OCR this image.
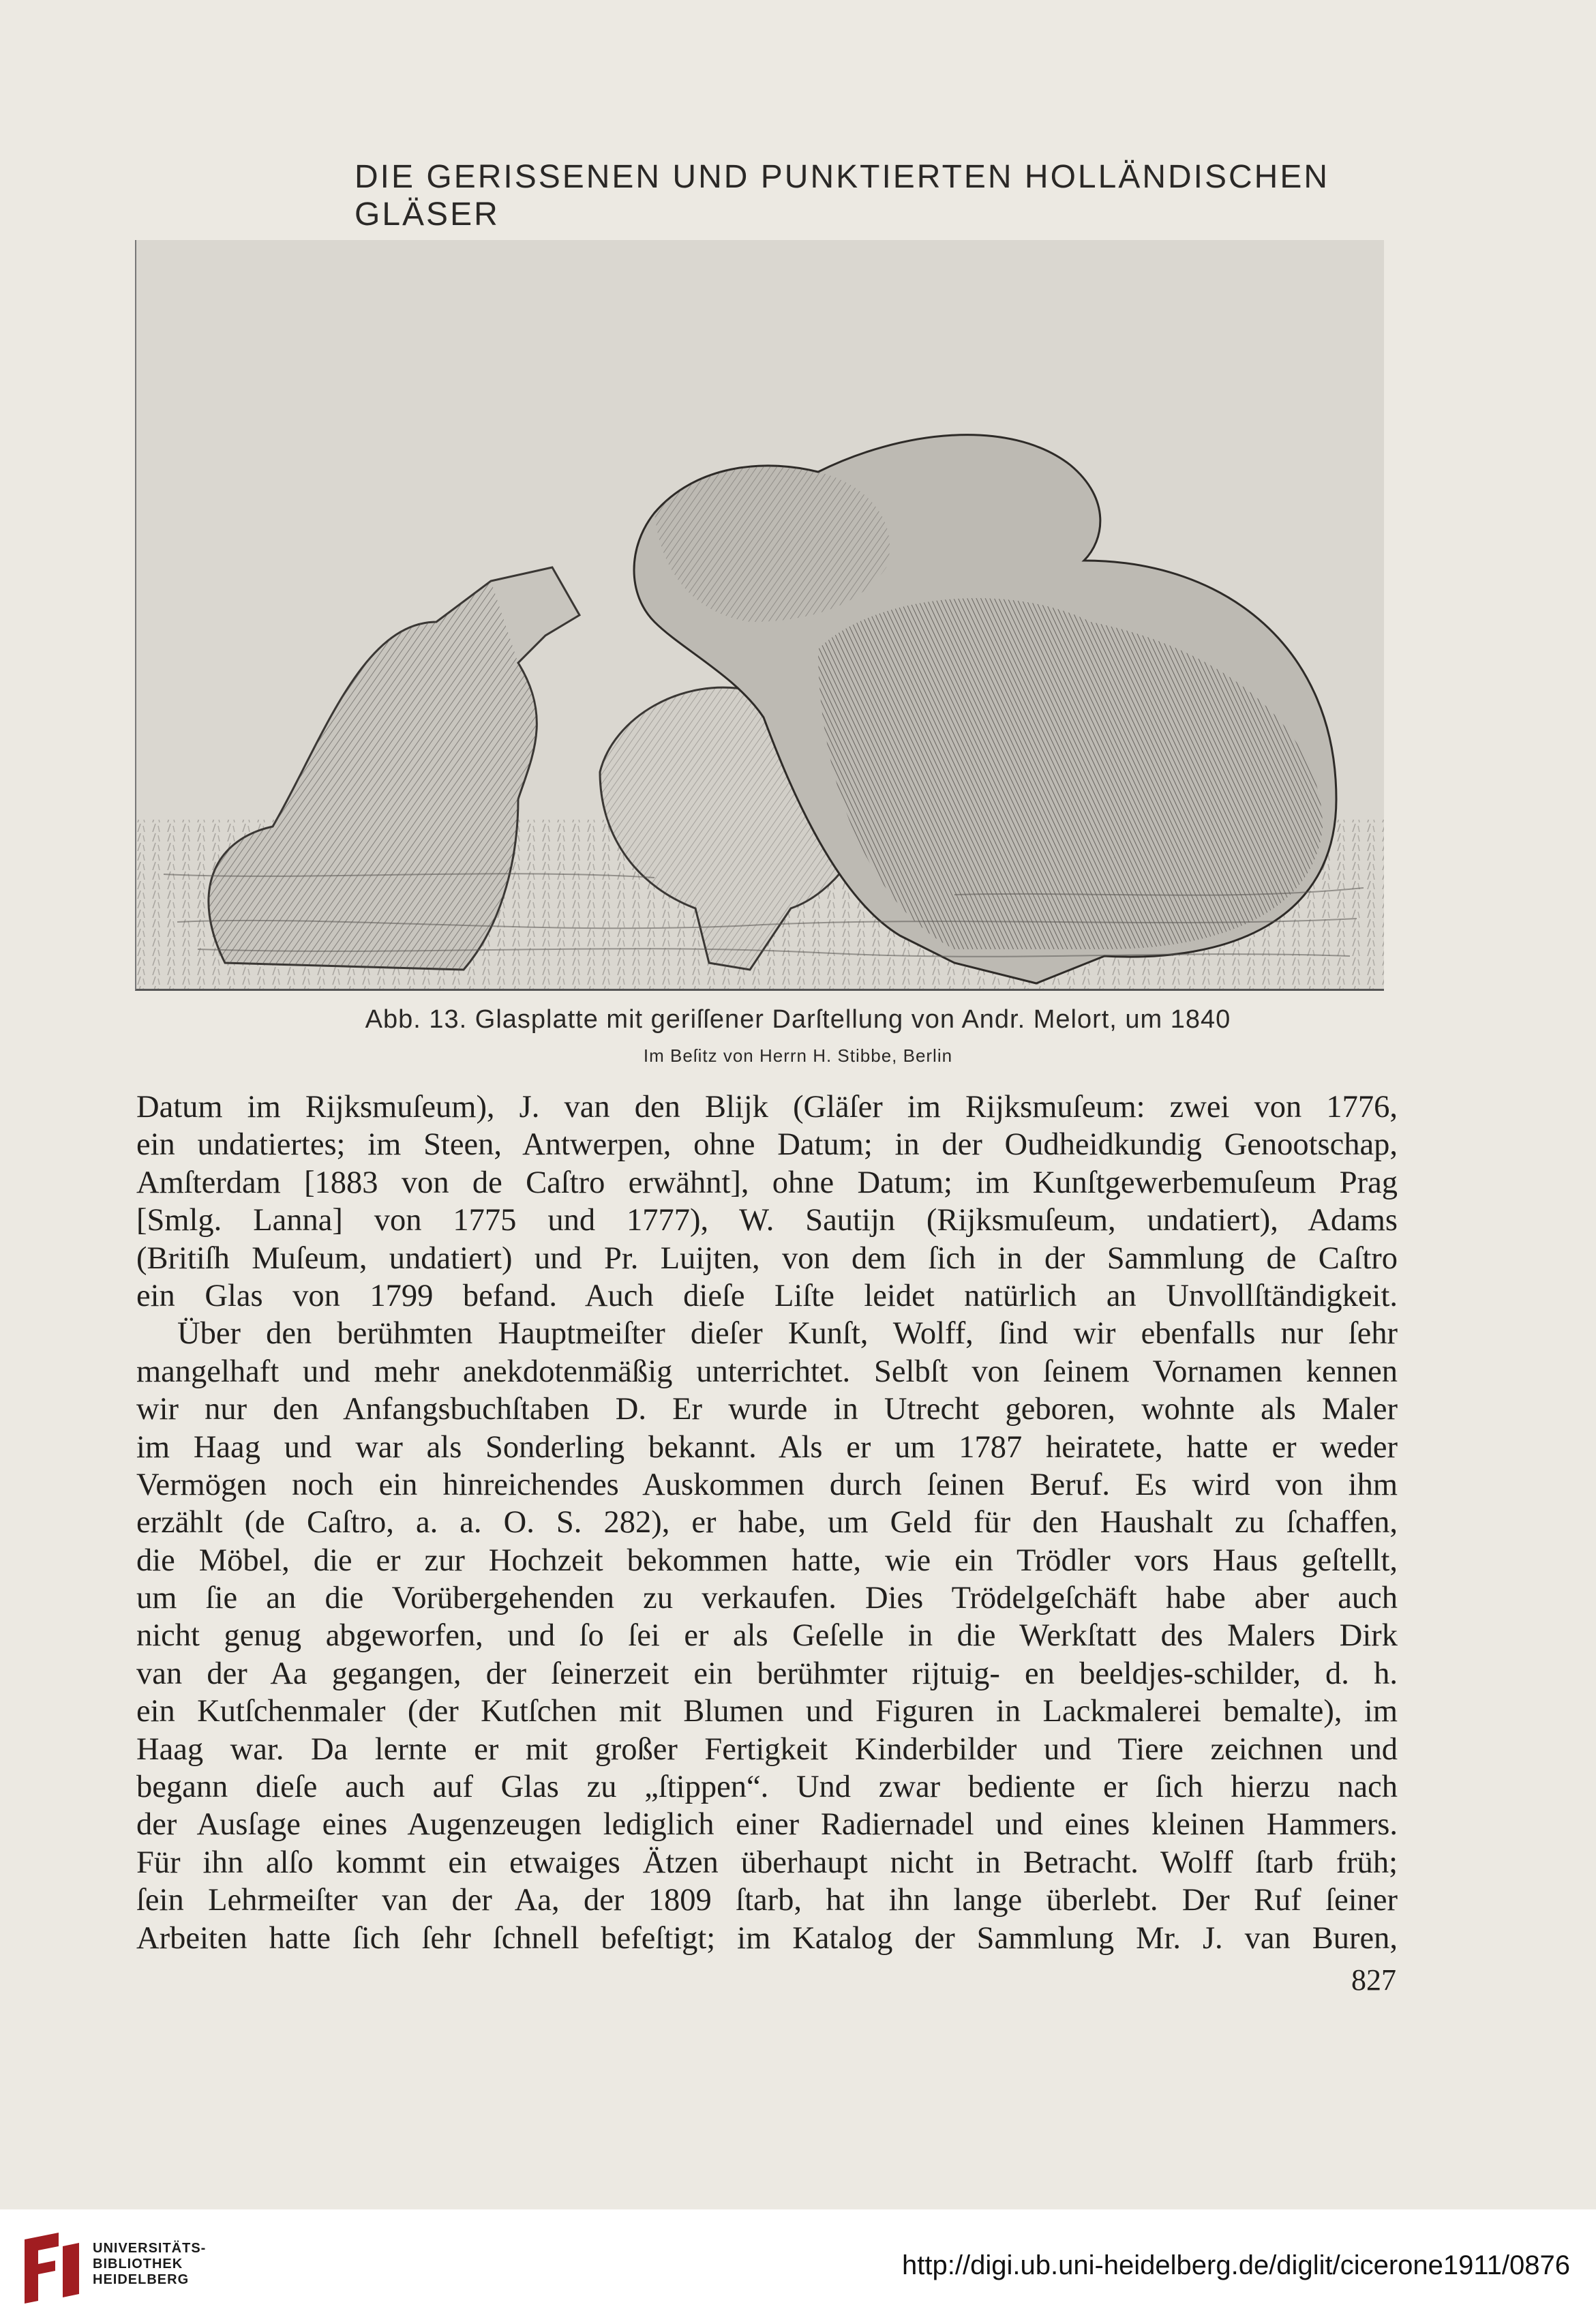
DIE GERISSENEN UND PUNKTIERTEN HOLLÄNDISCHEN GLÄSER
Abb. 13. Glasplatte mit geriſſener Darſtellung von Andr. Melort, um 1840
Im Beſitz von Herrn H. Stibbe, Berlin
Datum im Rijksmuſeum), J. van den Blijk (Gläſer im Rijksmuſeum: zwei von 1776,
ein undatiertes; im Steen, Antwerpen, ohne Datum; in der Oudheidkundig Genootschap,
Amſterdam [1883 von de Caſtro erwähnt], ohne Datum; im Kunſtgewerbemuſeum Prag
[Smlg. Lanna] von 1775 und 1777), W. Sautijn (Rijksmuſeum, undatiert), Adams
(Britiſh Muſeum, undatiert) und Pr. Luijten, von dem ſich in der Sammlung de Caſtro
ein Glas von 1799 befand. Auch dieſe Liſte leidet natürlich an Unvollſtändigkeit.
Über den berühmten Hauptmeiſter dieſer Kunſt, Wolff, ſind wir ebenfalls nur ſehr
mangelhaft und mehr anekdotenmäßig unterrichtet. Selbſt von ſeinem Vornamen kennen
wir nur den Anfangsbuchſtaben D. Er wurde in Utrecht geboren, wohnte als Maler
im Haag und war als Sonderling bekannt. Als er um 1787 heiratete, hatte er weder
Vermögen noch ein hinreichendes Auskommen durch ſeinen Beruf. Es wird von ihm
erzählt (de Caſtro, a. a. O. S. 282), er habe, um Geld für den Haushalt zu ſchaffen,
die Möbel, die er zur Hochzeit bekommen hatte, wie ein Trödler vors Haus geſtellt,
um ſie an die Vorübergehenden zu verkaufen. Dies Trödelgeſchäft habe aber auch
nicht genug abgeworfen, und ſo ſei er als Geſelle in die Werkſtatt des Malers Dirk
van der Aa gegangen, der ſeinerzeit ein berühmter rijtuig- en beeldjes-schilder, d. h.
ein Kutſchenmaler (der Kutſchen mit Blumen und Figuren in Lackmalerei bemalte), im
Haag war. Da lernte er mit großer Fertigkeit Kinderbilder und Tiere zeichnen und
begann dieſe auch auf Glas zu „ſtippen“. Und zwar bediente er ſich hierzu nach
der Ausſage eines Augenzeugen lediglich einer Radiernadel und eines kleinen Hammers.
Für ihn alſo kommt ein etwaiges Ätzen überhaupt nicht in Betracht. Wolff ſtarb früh;
ſein Lehrmeiſter van der Aa, der 1809 ſtarb, hat ihn lange überlebt. Der Ruf ſeiner
Arbeiten hatte ſich ſehr ſchnell befeſtigt; im Katalog der Sammlung Mr. J. van Buren,
827
UNIVERSITÄTS-
BIBLIOTHEK
HEIDELBERG	http://digi.ub.uni-heidelberg.de/diglit/cicerone1911/0876
